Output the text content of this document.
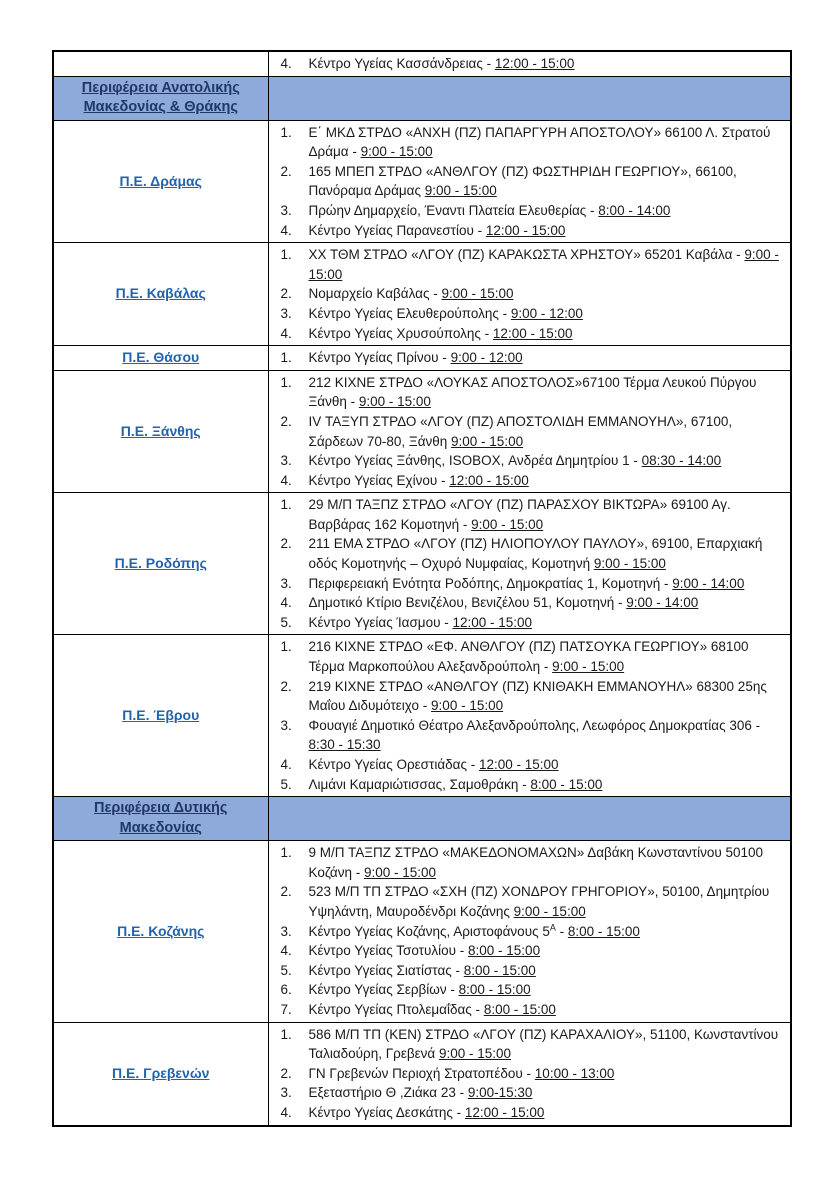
	4. Κέντρο Υγείας Κασσάνδρειας - 12:00 - 15:00

Περιφέρεια Ανατολικής Μακεδονίας & Θράκης	
Π.Ε. Δράμας	
1.	Ε΄ ΜΚΔ ΣΤΡΔΟ «ΑΝΧΗ (ΠΖ) ΠΑΠΑΡΓΥΡΗ ΑΠΟΣΤΟΛΟΥ» 66100 Λ. Στρατού Δράμα - 9:00 - 15:00
2.	165 ΜΠΕΠ ΣΤΡΔΟ «ΑΝΘΛΓΟΥ (ΠΖ) ΦΩΣΤΗΡΙΔΗ ΓΕΩΡΓΙΟΥ», 66100, Πανόραμα Δράμας 9:00 - 15:00
3.	Πρώην Δημαρχείο, Έναντι Πλατεία Ελευθερίας - 8:00 - 14:00
4.	Κέντρο Υγείας Παρανεστίου - 12:00 - 15:00

Π.Ε. Καβάλας	
1.	ΧΧ ΤΘΜ ΣΤΡΔΟ «ΛΓΟΥ (ΠΖ) ΚΑΡΑΚΩΣΤΑ ΧΡΗΣΤΟΥ» 65201 Καβάλα - 9:00 - 15:00
2.	Νομαρχείο Καβάλας - 9:00 - 15:00
3.	Κέντρο Υγείας Ελευθερούπολης - 9:00 - 12:00
4.	Κέντρο Υγείας Χρυσούπολης - 12:00 - 15:00

Π.Ε. Θάσου	1. Κέντρο Υγείας Πρίνου - 9:00 - 12:00

Π.Ε. Ξάνθης	
1.	212 ΚΙΧΝΕ ΣΤΡΔΟ «ΛΟΥΚΑΣ ΑΠΟΣΤΟΛΟΣ»67100 Τέρμα Λευκού Πύργου Ξάνθη - 9:00 - 15:00
2.	IV ΤΑΞΥΠ ΣΤΡΔΟ «ΛΓΟΥ (ΠΖ) ΑΠΟΣΤΟΛΙΔΗ ΕΜΜΑΝΟΥΗΛ», 67100, Σάρδεων 70-80, Ξάνθη 9:00 - 15:00
3.	Κέντρο Υγείας Ξάνθης, ISOBOX, Ανδρέα Δημητρίου 1 - 08:30 - 14:00
4.	Κέντρο Υγείας Εχίνου - 12:00 - 15:00

Π.Ε. Ροδόπης	
1.	29 Μ/Π ΤΑΞΠΖ ΣΤΡΔΟ «ΛΓΟΥ (ΠΖ) ΠΑΡΑΣΧΟΥ ΒΙΚΤΩΡΑ» 69100 Αγ. Βαρβάρας 162 Κομοτηνή - 9:00 - 15:00
2.	211 ΕΜΑ ΣΤΡΔΟ «ΛΓΟΥ (ΠΖ) ΗΛΙΟΠΟΥΛΟΥ ΠΑΥΛΟΥ», 69100, Επαρχιακή οδός Κομοτηνής – Οχυρό Νυμφαίας, Κομοτηνή 9:00 - 15:00
3.	Περιφερειακή Ενότητα Ροδόπης, Δημοκρατίας 1, Κομοτηνή - 9:00 - 14:00
4.	Δημοτικό Κτίριο Βενιζέλου, Βενιζέλου 51, Κομοτηνή - 9:00 - 14:00
5.	Κέντρο Υγείας Ίασμου - 12:00 - 15:00

Π.Ε. Έβρου	
1.	216 ΚΙΧΝΕ ΣΤΡΔΟ «ΕΦ. ΑΝΘΛΓΟΥ (ΠΖ) ΠΑΤΣΟΥΚΑ ΓΕΩΡΓΙΟΥ» 68100 Τέρμα Μαρκοπούλου Αλεξανδρούπολη - 9:00 - 15:00
2.	219 ΚΙΧΝΕ ΣΤΡΔΟ «ΑΝΘΛΓΟΥ (ΠΖ) ΚΝΙΘΑΚΗ ΕΜΜΑΝΟΥΗΛ» 68300 25ης Μαΐου Διδυμότειχο - 9:00 - 15:00
3.	Φουαγιέ Δημοτικό Θέατρο Αλεξανδρούπολης, Λεωφόρος Δημοκρατίας 306 - 8:30 - 15:30
4.	Κέντρο Υγείας Ορεστιάδας - 12:00 - 15:00
5.	Λιμάνι Καμαριώτισσας, Σαμοθράκη - 8:00 - 15:00

Περιφέρεια Δυτικής Μακεδονίας	
Π.Ε. Κοζάνης	
1.	9 Μ/Π ΤΑΞΠΖ ΣΤΡΔΟ «ΜΑΚΕΔΟΝΟΜΑΧΩΝ» Δαβάκη Κωνσταντίνου 50100 Κοζάνη - 9:00 - 15:00
2.	523 Μ/Π ΤΠ ΣΤΡΔΟ «ΣΧΗ (ΠΖ) ΧΟΝΔΡΟΥ ΓΡΗΓΟΡΙΟΥ», 50100, Δημητρίου Υψηλάντη, Μαυροδένδρι Κοζάνης 9:00 - 15:00
3.	Κέντρο Υγείας Κοζάνης, Αριστοφάνους $5^A$ - 8:00 - 15:00
4.	Κέντρο Υγείας Τσοτυλίου - 8:00 - 15:00
5.	Κέντρο Υγείας Σιατίστας - 8:00 - 15:00
6.	Κέντρο Υγείας Σερβίων - 8:00 - 15:00
7.	Κέντρο Υγείας Πτολεμαΐδας - 8:00 - 15:00

Π.Ε. Γρεβενών	
1.	586 Μ/Π ΤΠ (ΚΕΝ) ΣΤΡΔΟ «ΛΓΟΥ (ΠΖ) ΚΑΡΑΧΑΛΙΟΥ», 51100, Κωνσταντίνου Ταλιαδούρη, Γρεβενά 9:00 - 15:00
2.	ΓΝ Γρεβενών Περιοχή Στρατοπέδου - 10:00 - 13:00
3.	Εξεταστήριο Θ ,Ζιάκα 23 - 9:00-15:30
4.	Κέντρο Υγείας Δεσκάτης - 12:00 - 15:00
